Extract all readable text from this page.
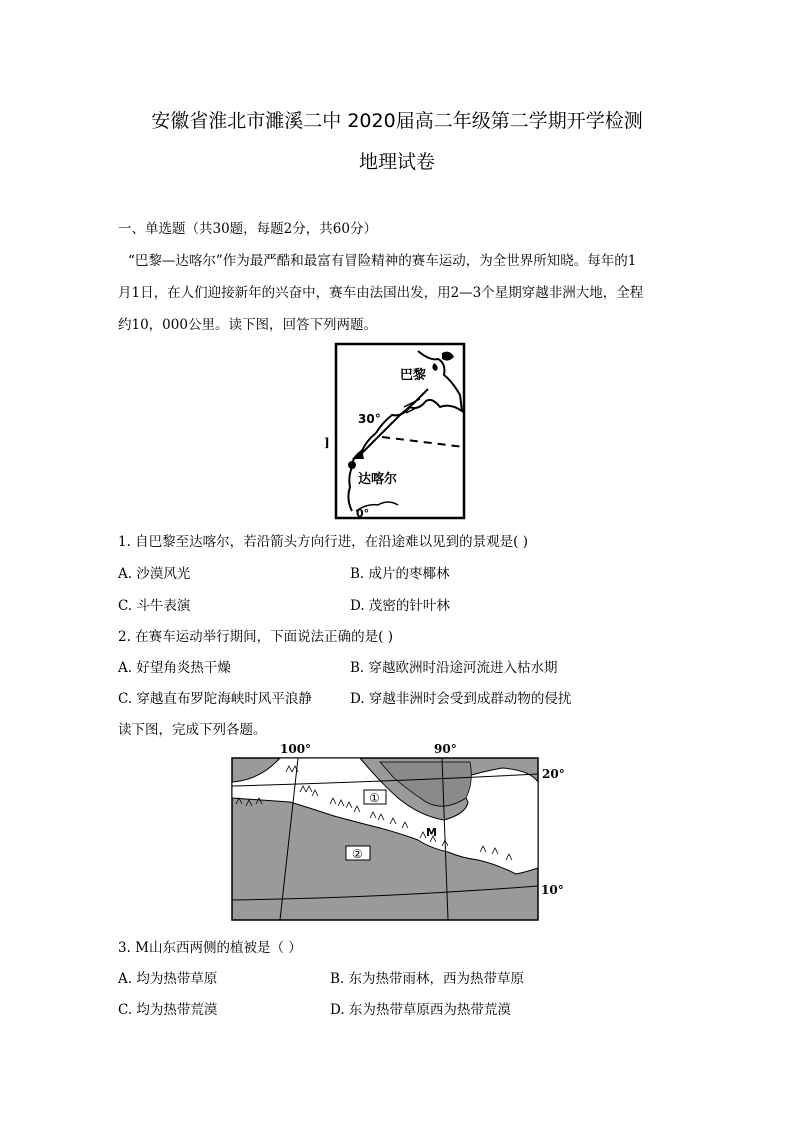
安徽省淮北市濉溪二中 2020届高二年级第二学期开学检测
地理试卷
一、单选题（共30题，每题2分，共60分）
“巴黎—达喀尔”作为最严酷和最富有冒险精神的赛车运动，为全世界所知晓。每年的1
月1日，在人们迎接新年的兴奋中，赛车由法国出发，用2—3个星期穿越非洲大地，全程
约10，000公里。读下图，回答下列两题。
巴黎
30°
达喀尔
0°
]
1. 自巴黎至达喀尔，若沿箭头方向行进，在沿途难以见到的景观是( )
A. 沙漠风光	B. 成片的枣椰林
C. 斗牛表演	D. 茂密的针叶林
2. 在赛车运动举行期间，下面说法正确的是( )
A. 好望角炎热干燥	B. 穿越欧洲时沿途河流进入枯水期
C. 穿越直布罗陀海峡时风平浪静	D. 穿越非洲时会受到成群动物的侵扰
读下图，完成下列各题。
①
②
M
100°	90°
20°
10°
3. M山东西两侧的植被是（ ）
A. 均为热带草原	B. 东为热带雨林，西为热带草原
C. 均为热带荒漠	D. 东为热带草原西为热带荒漠
